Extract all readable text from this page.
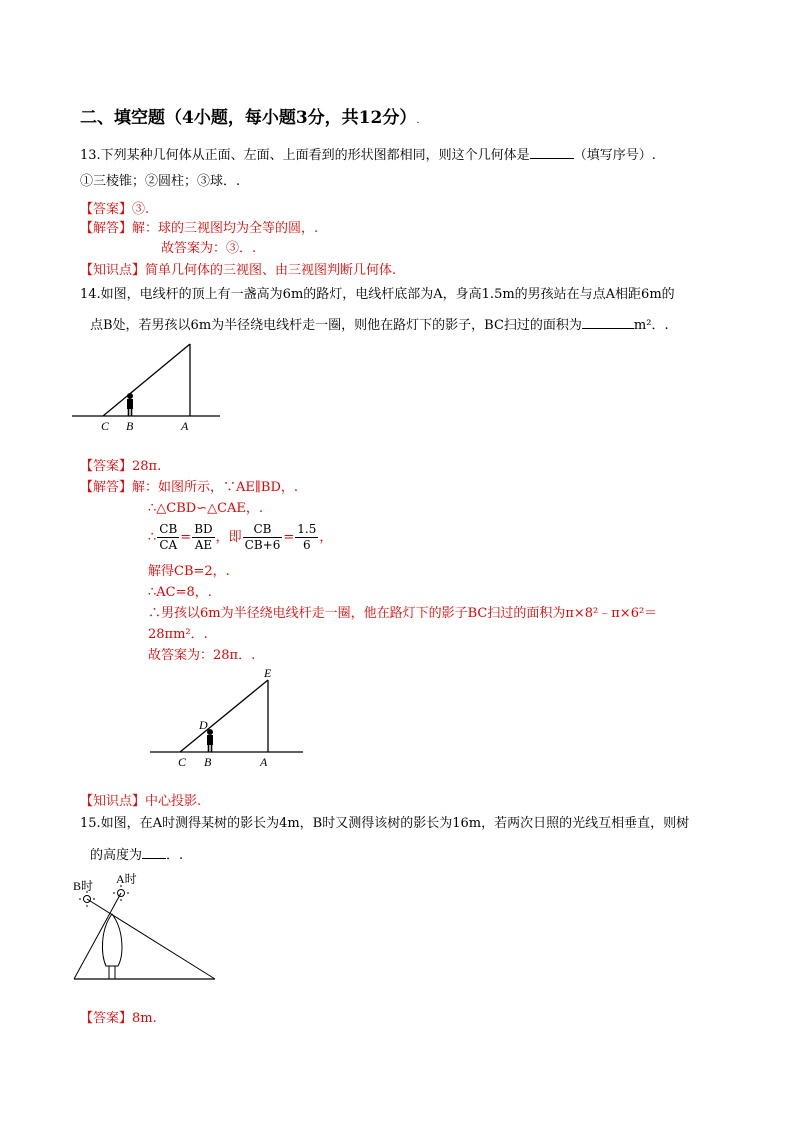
二、填空题（4小题，每小题3分，共12分）.
13.下列某种几何体从正面、左面、上面看到的形状图都相同，则这个几何体是	（填写序号）.
①三棱锥；②圆柱；③球．.
【答案】③.
【解答】解：球的三视图均为全等的圆，.
故答案为：③．.
【知识点】简单几何体的三视图、由三视图判断几何体.
14.如图，电线杆的顶上有一盏高为6m的路灯，电线杆底部为A，身高1.5m的男孩站在与点A相距6m的
点B处，若男孩以6m为半径绕电线杆走一圈，则他在路灯下的影子，BC扫过的面积为	m²．.
C B	A
【答案】28π.
【解答】解：如图所示，∵AE∥BD，.
∴△CBD∽△CAE，.
∴ $\frac{CB}{CA} = \frac{BD}{AE}$ ，即 $\frac{CB}{CB+6} = \frac{1.5}{6}$ ，
解得CB=2，.
∴AC=8，.
∴男孩以6m为半径绕电线杆走一圈，他在路灯下的影子BC扫过的面积为π×8²﹣π×6²＝
28πm²．.
故答案为：28π．.
E
D
C B	A
【知识点】中心投影.
15.如图，在A时测得某树的影长为4m，B时又测得该树的影长为16m，若两次日照的光线互相垂直，则树
的高度为 ．.
B时 A时
【答案】8m.
